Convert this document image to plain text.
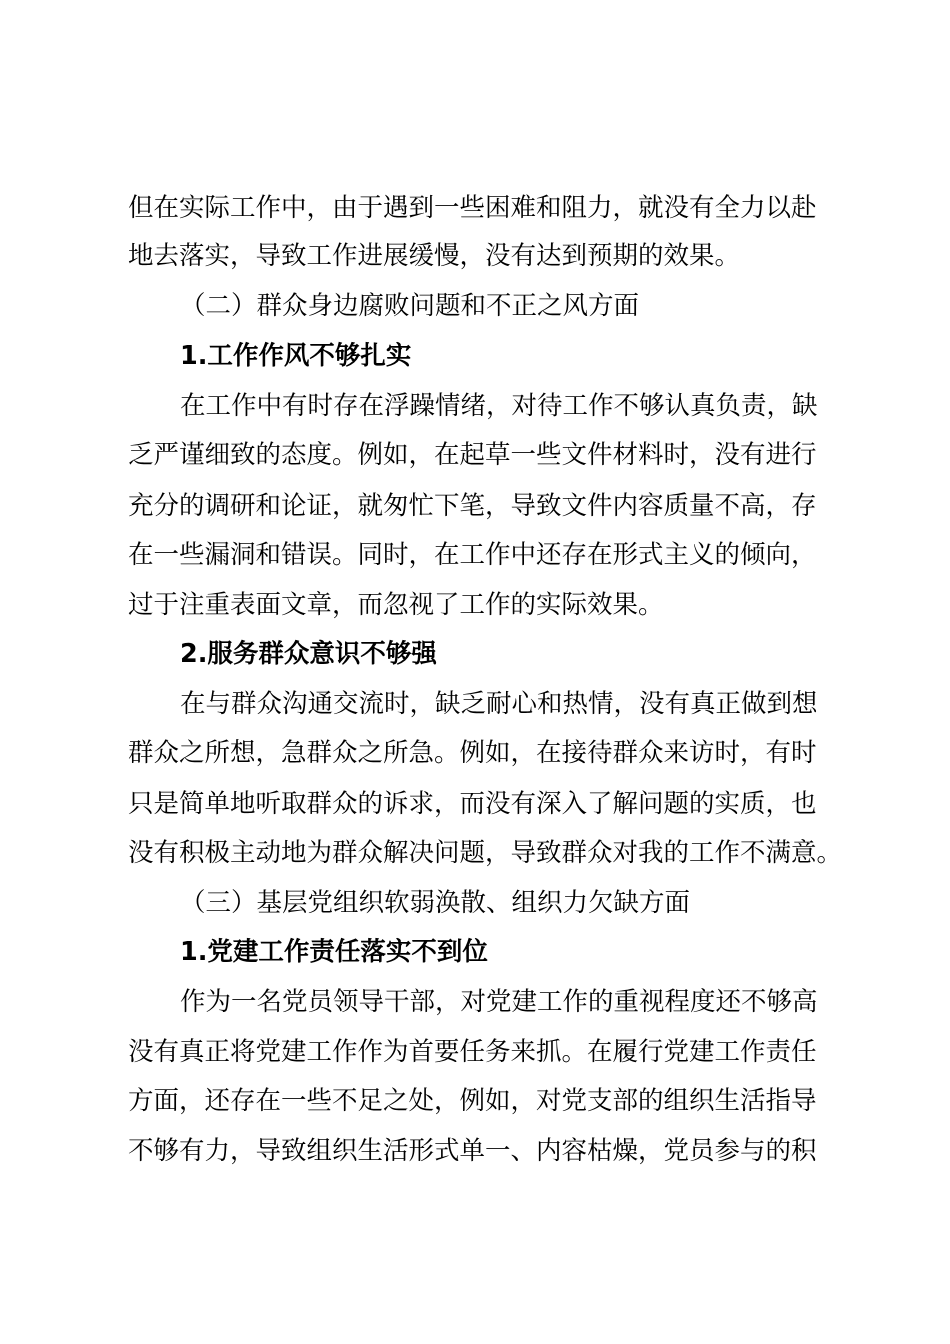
但在实际工作中，由于遇到一些困难和阻力，就没有全力以赴
地去落实，导致工作进展缓慢，没有达到预期的效果。
（二）群众身边腐败问题和不正之风方面
1.工作作风不够扎实
在工作中有时存在浮躁情绪，对待工作不够认真负责，缺
乏严谨细致的态度。例如，在起草一些文件材料时，没有进行
充分的调研和论证，就匆忙下笔，导致文件内容质量不高，存
在一些漏洞和错误。同时，在工作中还存在形式主义的倾向，
过于注重表面文章，而忽视了工作的实际效果。
2.服务群众意识不够强
在与群众沟通交流时，缺乏耐心和热情，没有真正做到想
群众之所想，急群众之所急。例如，在接待群众来访时，有时
只是简单地听取群众的诉求，而没有深入了解问题的实质，也
没有积极主动地为群众解决问题，导致群众对我的工作不满意。
（三）基层党组织软弱涣散、组织力欠缺方面
1.党建工作责任落实不到位
作为一名党员领导干部，对党建工作的重视程度还不够高
没有真正将党建工作作为首要任务来抓。在履行党建工作责任
方面，还存在一些不足之处，例如，对党支部的组织生活指导
不够有力，导致组织生活形式单一、内容枯燥，党员参与的积
